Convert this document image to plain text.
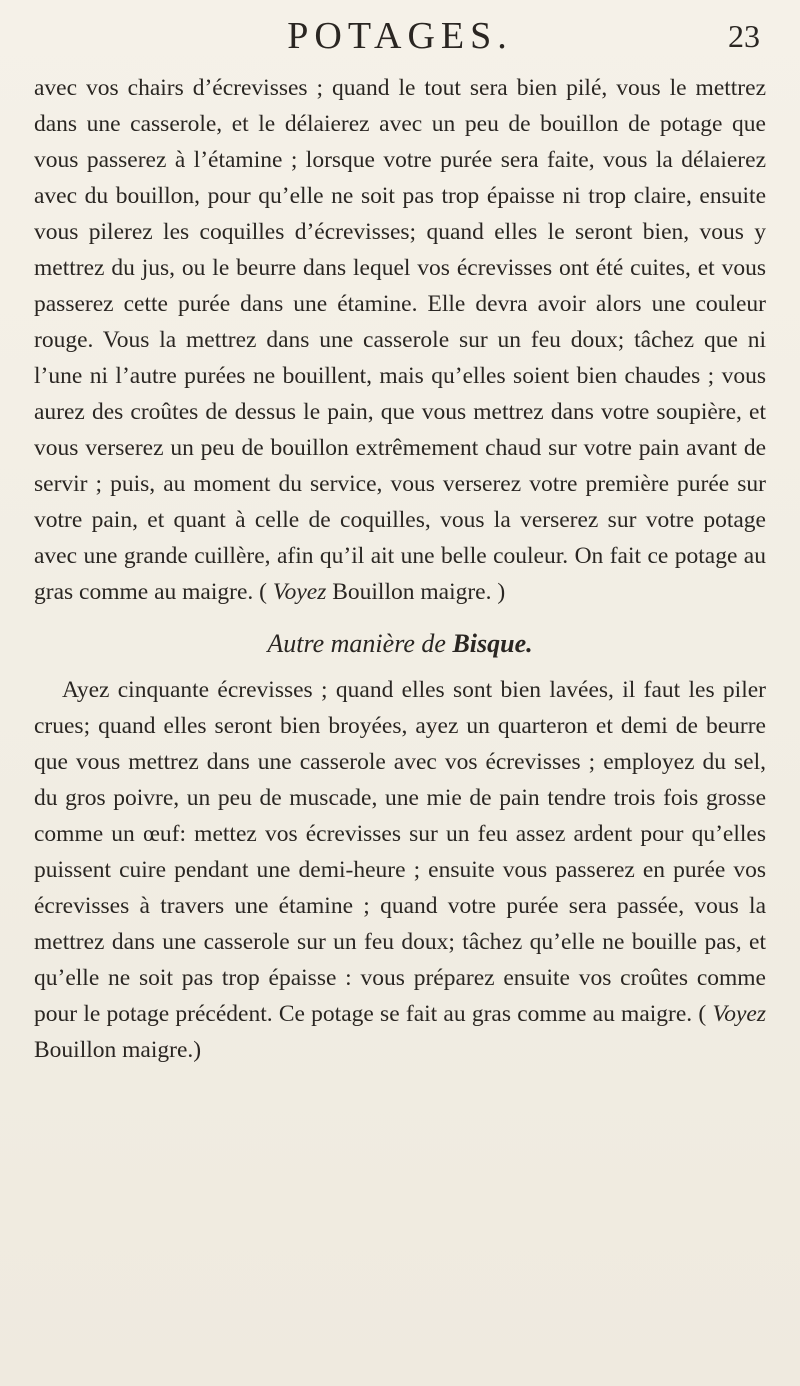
POTAGES.	23

avec vos chairs d’écrevisses ; quand le tout sera bien pilé, vous le mettrez dans une casserole, et le délaierez avec un peu de bouillon de potage que vous passerez à l’étamine ; lorsque votre purée sera faite, vous la délaierez avec du bouillon, pour qu’elle ne soit pas trop épaisse ni trop claire, ensuite vous pilerez les coquilles d’écrevisses; quand elles le seront bien, vous y mettrez du jus, ou le beurre dans lequel vos écrevisses ont été cuites, et vous passerez cette purée dans une étamine. Elle devra avoir alors une couleur rouge. Vous la mettrez dans une casserole sur un feu doux; tâchez que ni l’une ni l’autre purées ne bouillent, mais qu’elles soient bien chaudes ; vous aurez des croûtes de dessus le pain, que vous mettrez dans votre soupière, et vous verserez un peu de bouillon extrêmement chaud sur votre pain avant de servir ; puis, au moment du service, vous verserez votre première purée sur votre pain, et quant à celle de coquilles, vous la verserez sur votre potage avec une grande cuillère, afin qu’il ait une belle couleur. On fait ce potage au gras comme au maigre. ( Voyez Bouillon maigre. )

Autre manière de Bisque.

Ayez cinquante écrevisses ; quand elles sont bien lavées, il faut les piler crues; quand elles seront bien broyées, ayez un quarteron et demi de beurre que vous mettrez dans une casserole avec vos écrevisses ; employez du sel, du gros poivre, un peu de muscade, une mie de pain tendre trois fois grosse comme un œuf: mettez vos écrevisses sur un feu assez ardent pour qu’elles puissent cuire pendant une demi-heure ; ensuite vous passerez en purée vos écrevisses à travers une étamine ; quand votre purée sera passée, vous la mettrez dans une casserole sur un feu doux; tâchez qu’elle ne bouille pas, et qu’elle ne soit pas trop épaisse : vous préparez ensuite vos croûtes comme pour le potage précédent. Ce potage se fait au gras comme au maigre. ( Voyez Bouillon maigre.)
